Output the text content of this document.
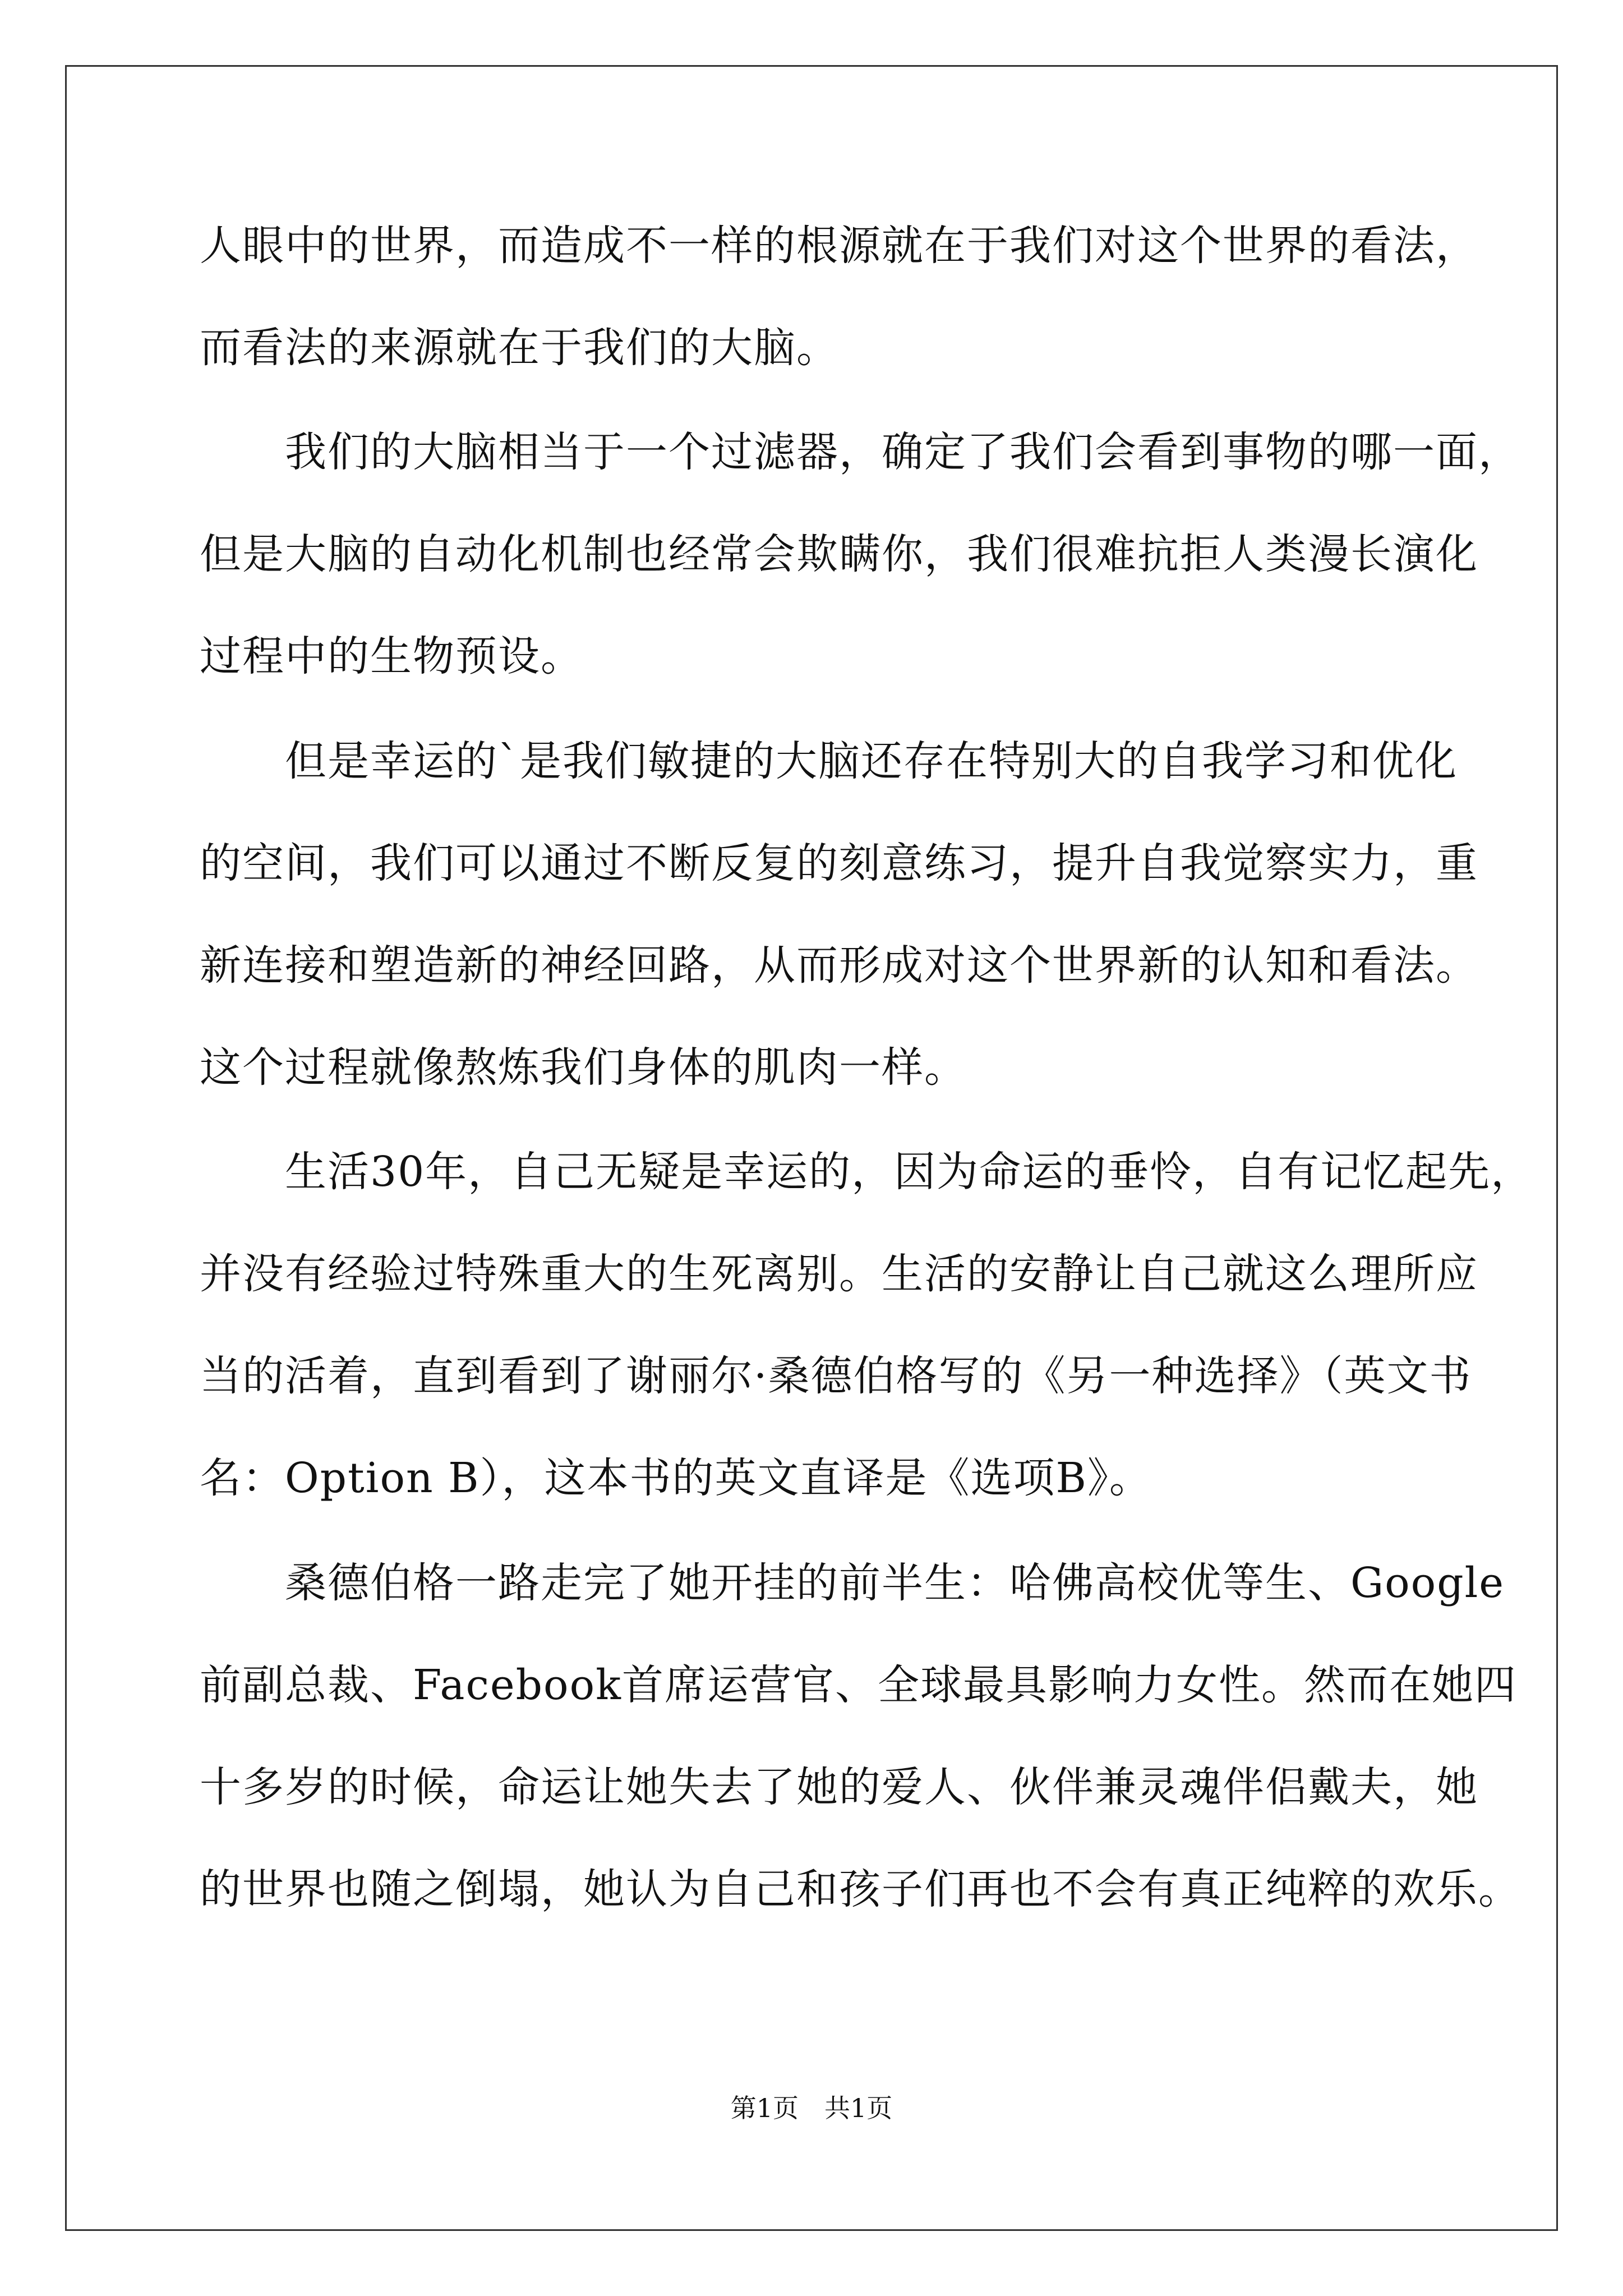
人眼中的世界，而造成不一样的根源就在于我们对这个世界的看法，
而看法的来源就在于我们的大脑。
　　我们的大脑相当于一个过滤器，确定了我们会看到事物的哪一面，
但是大脑的自动化机制也经常会欺瞒你，我们很难抗拒人类漫长演化
过程中的生物预设。
　　但是幸运的`是我们敏捷的大脑还存在特别大的自我学习和优化
的空间，我们可以通过不断反复的刻意练习，提升自我觉察实力，重
新连接和塑造新的神经回路，从而形成对这个世界新的认知和看法。
这个过程就像熬炼我们身体的肌肉一样。
　　生活30年，自己无疑是幸运的，因为命运的垂怜，自有记忆起先，
并没有经验过特殊重大的生死离别。生活的安静让自己就这么理所应
当的活着，直到看到了谢丽尔·桑德伯格写的《另一种选择》（英文书
名：Option B），这本书的英文直译是《选项B》。
　　桑德伯格一路走完了她开挂的前半生：哈佛高校优等生、Google
前副总裁、Facebook首席运营官、全球最具影响力女性。然而在她四
十多岁的时候，命运让她失去了她的爱人、伙伴兼灵魂伴侣戴夫，她
的世界也随之倒塌，她认为自己和孩子们再也不会有真正纯粹的欢乐。
第1页　共1页
